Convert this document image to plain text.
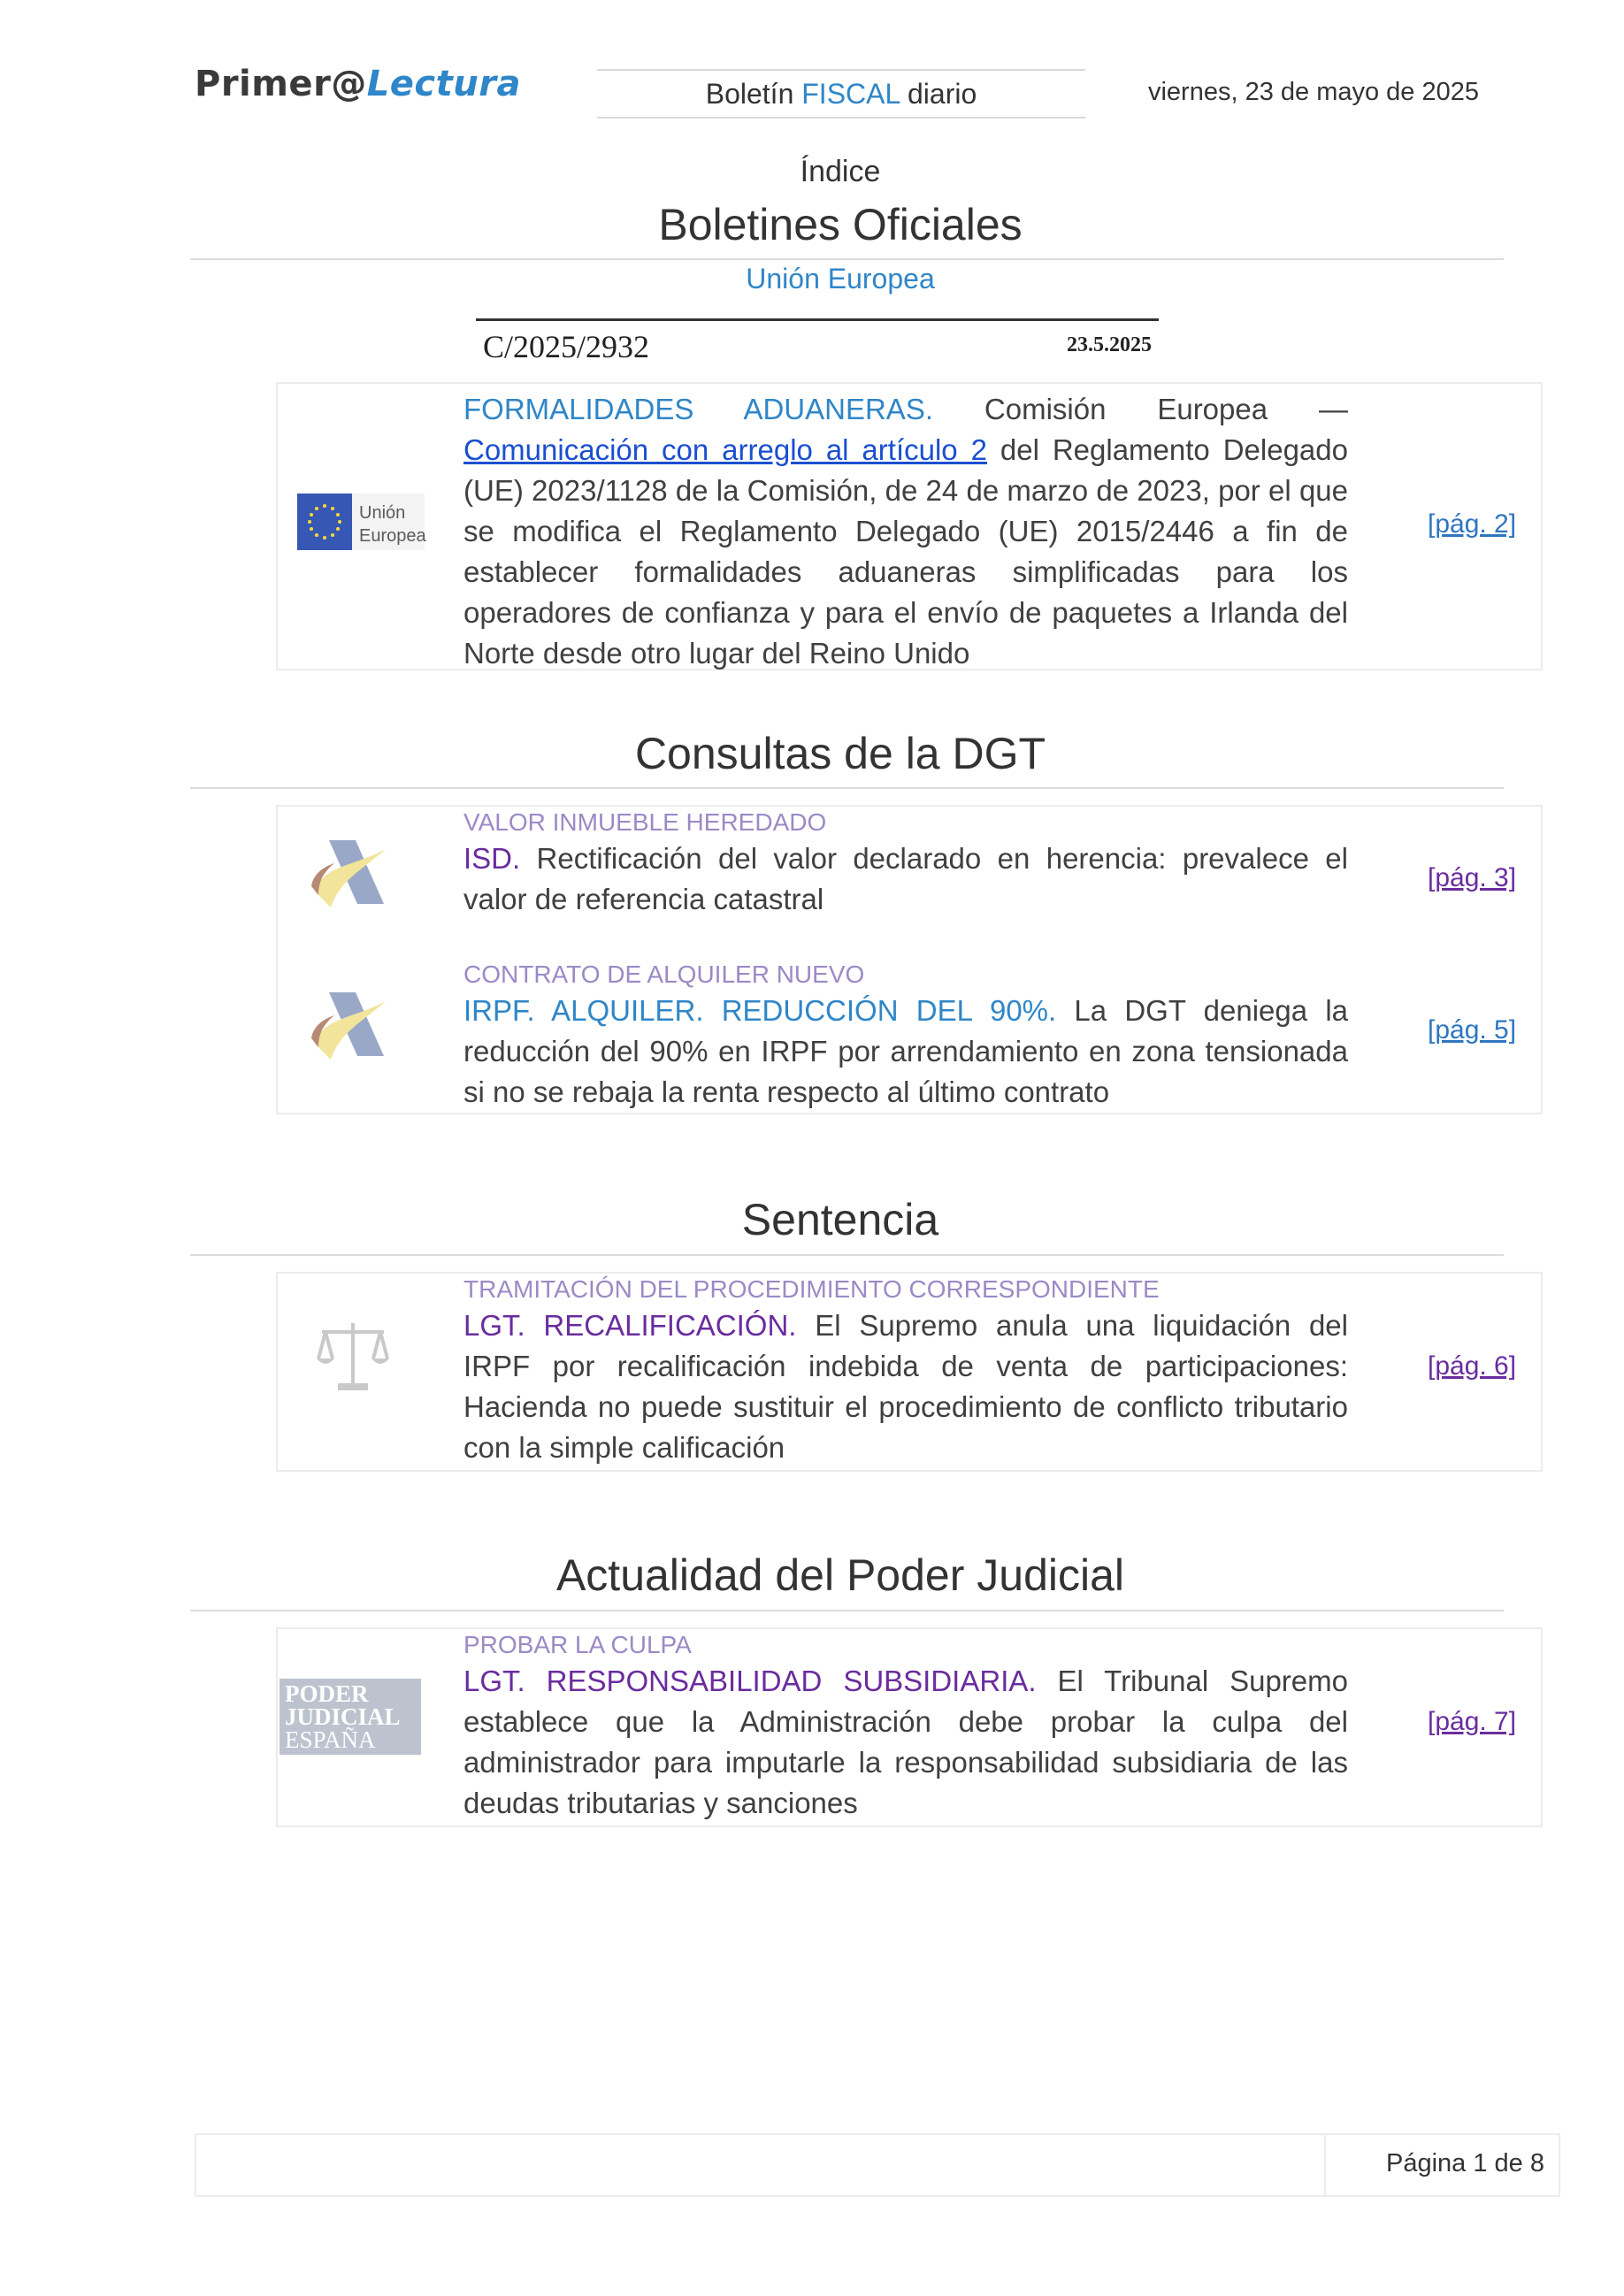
Primer@Lectura	Boletín FISCAL diario	viernes, 23 de mayo de 2025
Índice
Boletines Oficiales
Unión Europea
C/2025/2932	23.5.2025
Unión
Europea
FORMALIDADES ADUANERAS. Comisión Europea — Comunicación con arreglo al artículo 2 del Reglamento Delegado (UE) 2023/1128 de la Comisión, de 24 de marzo de 2023, por el que se modifica el Reglamento Delegado (UE) 2015/2446 a fin de establecer formalidades aduaneras simplificadas para los operadores de confianza y para el envío de paquetes a Irlanda del Norte desde otro lugar del Reino Unido
[pág. 2]
Consultas de la DGT
VALOR INMUEBLE HEREDADO
ISD. Rectificación del valor declarado en herencia: prevalece el valor de referencia catastral
[pág. 3]
CONTRATO DE ALQUILER NUEVO
IRPF. ALQUILER. REDUCCIÓN DEL 90%. La DGT deniega la reducción del 90% en IRPF por arrendamiento en zona tensionada si no se rebaja la renta respecto al último contrato
[pág. 5]
Sentencia
TRAMITACIÓN DEL PROCEDIMIENTO CORRESPONDIENTE
LGT. RECALIFICACIÓN. El Supremo anula una liquidación del IRPF por recalificación indebida de venta de participaciones: Hacienda no puede sustituir el procedimiento de conflicto tributario con la simple calificación
[pág. 6]
Actualidad del Poder Judicial
PODER
JUDICIAL
ESPAÑA
PROBAR LA CULPA
LGT. RESPONSABILIDAD SUBSIDIARIA. El Tribunal Supremo establece que la Administración debe probar la culpa del administrador para imputarle la responsabilidad subsidiaria de las deudas tributarias y sanciones
[pág. 7]
Página 1 de 8
